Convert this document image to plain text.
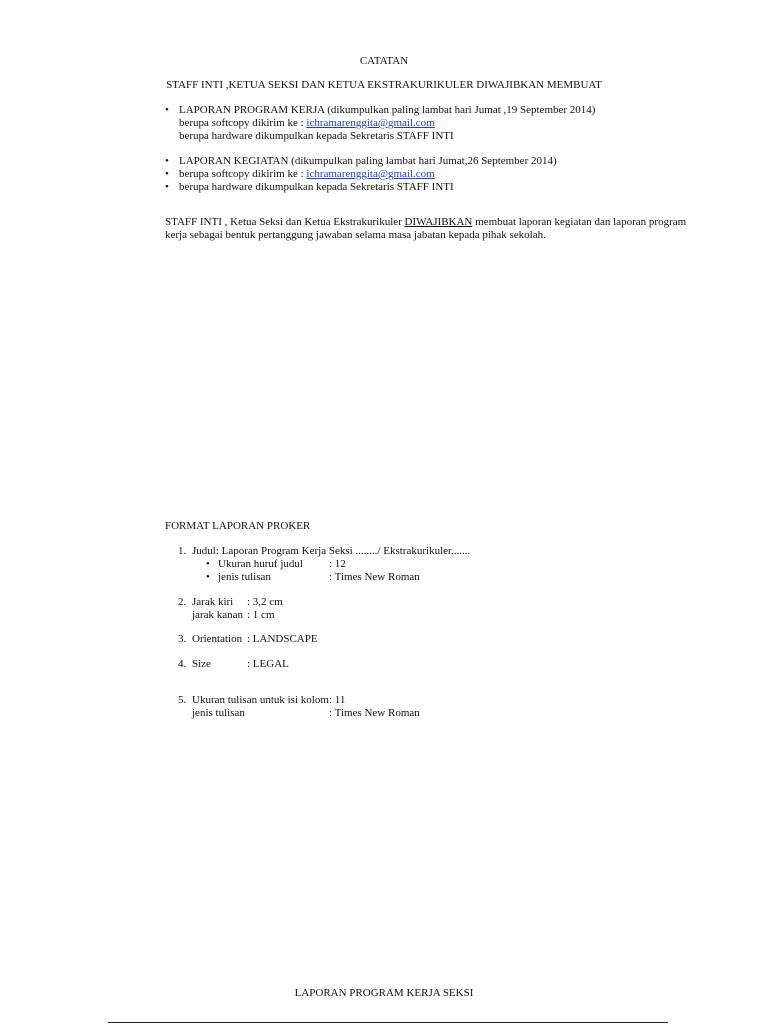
CATATAN
STAFF INTI ,KETUA SEKSI DAN KETUA EKSTRAKURIKULER DIWAJIBKAN MEMBUAT
• LAPORAN PROGRAM KERJA (dikumpulkan paling lambat hari Jumat ,19 September 2014)
berupa softcopy dikirim ke : ichramarenggita@gmail.com
berupa hardware dikumpulkan kepada Sekretaris STAFF INTI
• LAPORAN KEGIATAN (dikumpulkan paling lambat hari Jumat,26 September 2014)
• berupa softcopy dikirim ke : ichramarenggita@gmail.com
• berupa hardware dikumpulkan kepada Sekretaris STAFF INTI
STAFF INTI , Ketua Seksi dan Ketua Ekstrakurikuler DIWAJIBKAN membuat laporan kegiatan dan laporan program
kerja sebagai bentuk pertanggung jawaban selama masa jabatan kepada pihak sekolah.
FORMAT LAPORAN PROKER
1. Judul: Laporan Program Kerja Seksi ......../ Ekstrakurikuler.......
• Ukuran huruf judul : 12
• jenis tulisan	: Times New Roman
2. Jarak kiri : 3,2 cm
jarak kanan : 1 cm
3. Orientation : LANDSCAPE
4. Size	: LEGAL
5. Ukuran tulisan untuk isi kolom : 11
jenis tulisan	: Times New Roman
LAPORAN PROGRAM KERJA SEKSI
